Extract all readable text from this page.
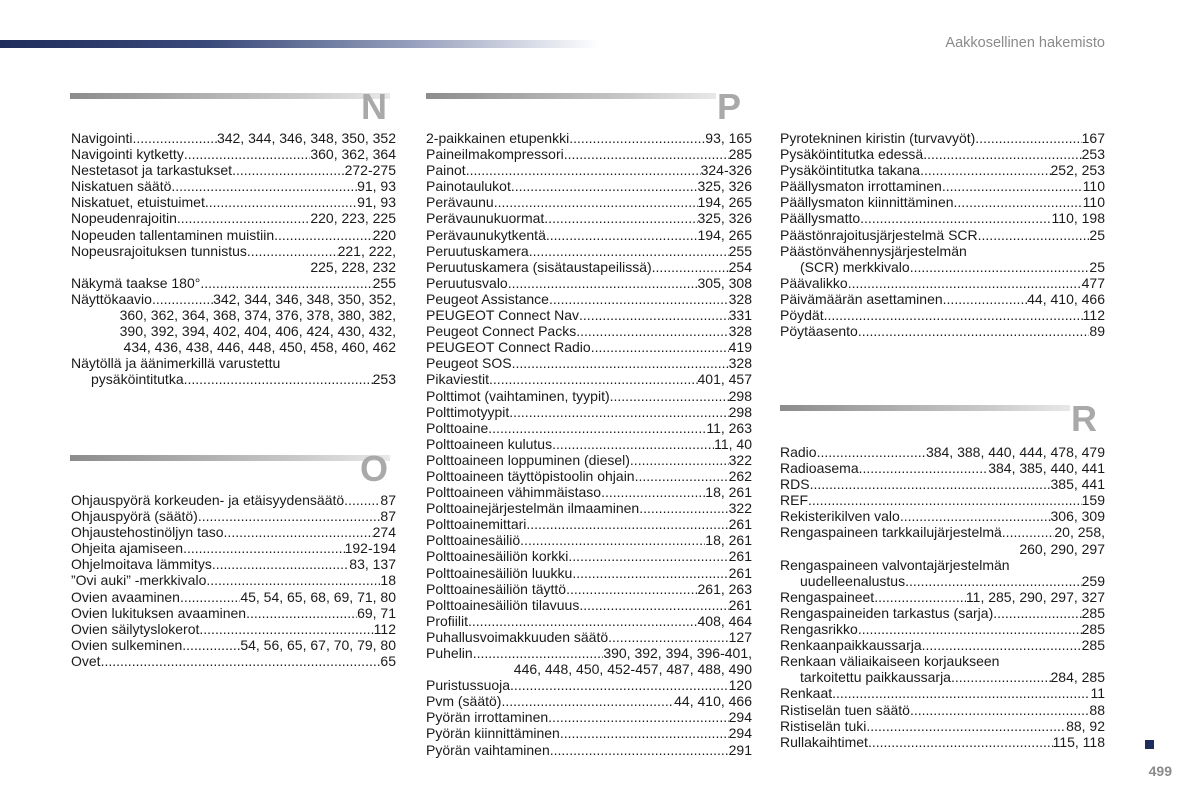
Aakkosellinen hakemisto
N
Navigointi .....	342, 344, 346, 348, 350, 352
Navigointi kytketty .....	360, 362, 364
Nestetasot ja tarkastukset .....	272-275
Niskatuen säätö .....	91, 93
Niskatuet, etuistuimet .....	91, 93
Nopeudenrajoitin .....	220, 223, 225
Nopeuden tallentaminen muistiin .....	220
Nopeusrajoituksen tunnistus .....	221, 222,
225, 228, 232
Näkymä taakse 180° .....	255
Näyttökaavio .....	342, 344, 346, 348, 350, 352,
360, 362, 364, 368, 374, 376, 378, 380, 382,
390, 392, 394, 402, 404, 406, 424, 430, 432,
434, 436, 438, 446, 448, 450, 458, 460, 462
Näytöllä ja äänimerkillä varustettu
pysäköintitutka .....	253
O
Ohjauspyörä korkeuden- ja etäisyydensäätö .....	87
Ohjauspyörä (säätö) .....	87
Ohjaustehostinöljyn taso .....	274
Ohjeita ajamiseen .....	192-194
Ohjelmoitava lämmitys .....	83, 137
”Ovi auki” -merkkivalo .....	18
Ovien avaaminen .....	45, 54, 65, 68, 69, 71, 80
Ovien lukituksen avaaminen .....	69, 71
Ovien säilytyslokerot .....	112
Ovien sulkeminen .....	54, 56, 65, 67, 70, 79, 80
Ovet .....	65
P
2-paikkainen etupenkki .....	93, 165
Paineilmakompressori .....	285
Painot .....	324-326
Painotaulukot .....	325, 326
Perävaunu .....	194, 265
Perävaunukuormat .....	325, 326
Perävaunukytkentä .....	194, 265
Peruutuskamera .....	255
Peruutuskamera (sisätaustapeilissä) .....	254
Peruutusvalo .....	305, 308
Peugeot Assistance .....	328
PEUGEOT Connect Nav .....	331
Peugeot Connect Packs .....	328
PEUGEOT Connect Radio .....	419
Peugeot SOS .....	328
Pikaviestit .....	401, 457
Polttimot (vaihtaminen, tyypit) .....	298
Polttimotyypit .....	298
Polttoaine .....	11, 263
Polttoaineen kulutus .....	11, 40
Polttoaineen loppuminen (diesel) .....	322
Polttoaineen täyttöpistoolin ohjain .....	262
Polttoaineen vähimmäistaso .....	18, 261
Polttoainejärjestelmän ilmaaminen .....	322
Polttoainemittari .....	261
Polttoainesäiliö .....	18, 261
Polttoainesäiliön korkki .....	261
Polttoainesäiliön luukku .....	261
Polttoainesäiliön täyttö .....	261, 263
Polttoainesäiliön tilavuus .....	261
Profiilit .....	408, 464
Puhallusvoimakkuuden säätö .....	127
Puhelin .....	390, 392, 394, 396-401,
446, 448, 450, 452-457, 487, 488, 490
Puristussuoja .....	120
Pvm (säätö) .....	44, 410, 466
Pyörän irrottaminen .....	294
Pyörän kiinnittäminen .....	294
Pyörän vaihtaminen .....	291
Pyrotekninen kiristin (turvavyöt) .....	167
Pysäköintitutka edessä .....	253
Pysäköintitutka takana .....	252, 253
Päällysmaton irrottaminen .....	110
Päällysmaton kiinnittäminen .....	110
Päällysmatto .....	110, 198
Päästönrajoitusjärjestelmä SCR .....	25
Päästönvähennysjärjestelmän
(SCR) merkkivalo .....	25
Päävalikko .....	477
Päivämäärän asettaminen .....	44, 410, 466
Pöydät .....	112
Pöytäasento .....	89
R
Radio .....	384, 388, 440, 444, 478, 479
Radioasema .....	384, 385, 440, 441
RDS .....	385, 441
REF .....	159
Rekisterikilven valo .....	306, 309
Rengaspaineen tarkkailujärjestelmä .....	20, 258,
260, 290, 297
Rengaspaineen valvontajärjestelmän
uudelleenalustus .....	259
Rengaspaineet .....	11, 285, 290, 297, 327
Rengaspaineiden tarkastus (sarja) .....	285
Rengasrikko .....	285
Renkaanpaikkaussarja .....	285
Renkaan väliaikaiseen korjaukseen
tarkoitettu paikkaussarja .....	284, 285
Renkaat .....	11
Ristiselän tuen säätö .....	88
Ristiselän tuki .....	88, 92
Rullakaihtimet .....	115, 118
499
